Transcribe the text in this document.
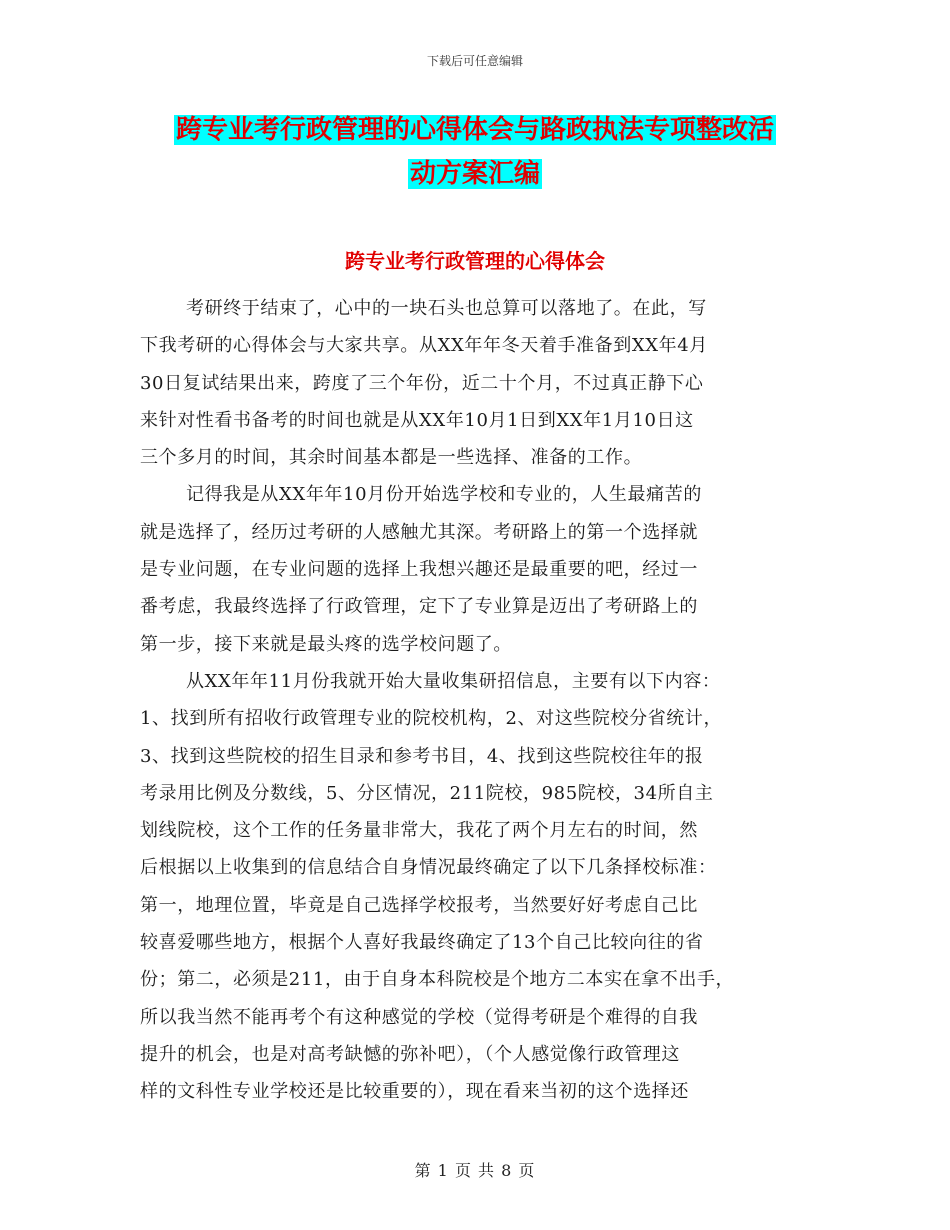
下载后可任意编辑
跨专业考行政管理的心得体会与路政执法专项整改活
动方案汇编
跨专业考行政管理的心得体会
考研终于结束了，心中的一块石头也总算可以落地了。在此，写
下我考研的心得体会与大家共享。从XX年年冬天着手准备到XX年4月
30日复试结果出来，跨度了三个年份，近二十个月，不过真正静下心
来针对性看书备考的时间也就是从XX年10月1日到XX年1月10日这
三个多月的时间，其余时间基本都是一些选择、准备的工作。
记得我是从XX年年10月份开始选学校和专业的，人生最痛苦的
就是选择了，经历过考研的人感触尤其深。考研路上的第一个选择就
是专业问题，在专业问题的选择上我想兴趣还是最重要的吧，经过一
番考虑，我最终选择了行政管理，定下了专业算是迈出了考研路上的
第一步，接下来就是最头疼的选学校问题了。
从XX年年11月份我就开始大量收集研招信息，主要有以下内容：
1、找到所有招收行政管理专业的院校机构，2、对这些院校分省统计，
3、找到这些院校的招生目录和参考书目，4、找到这些院校往年的报
考录用比例及分数线，5、分区情况，211院校，985院校，34所自主
划线院校，这个工作的任务量非常大，我花了两个月左右的时间，然
后根据以上收集到的信息结合自身情况最终确定了以下几条择校标准：
第一，地理位置，毕竟是自己选择学校报考，当然要好好考虑自己比
较喜爱哪些地方，根据个人喜好我最终确定了13个自己比较向往的省
份；第二，必须是211，由于自身本科院校是个地方二本实在拿不出手，
所以我当然不能再考个有这种感觉的学校（觉得考研是个难得的自我
提升的机会，也是对高考缺憾的弥补吧），（个人感觉像行政管理这
样的文科性专业学校还是比较重要的），现在看来当初的这个选择还
第 1 页 共 8 页
